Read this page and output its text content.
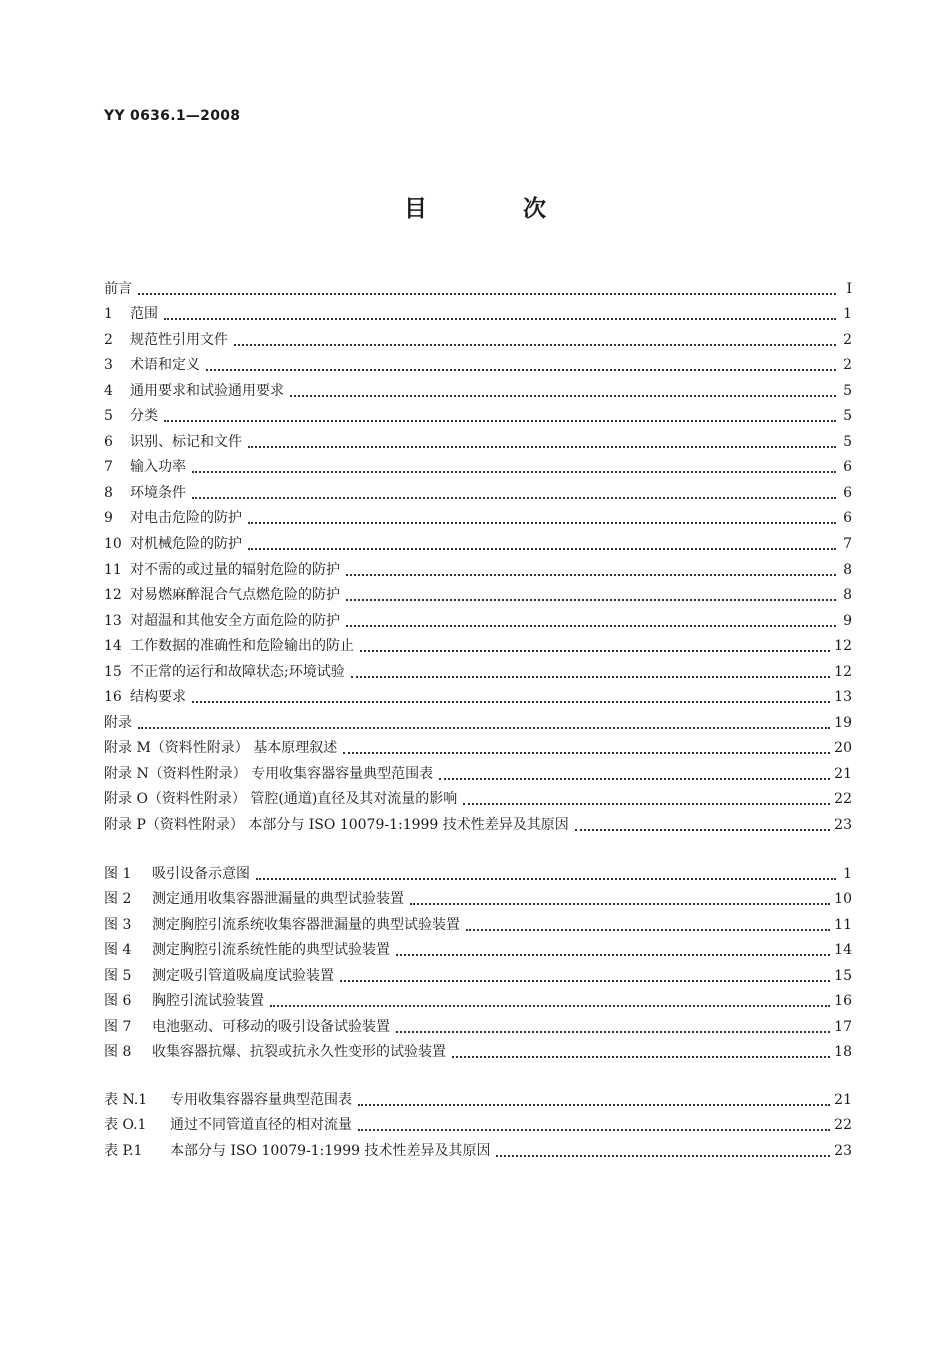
YY 0636.1—2008
目 次
前言	I
1	范围	1
2	规范性引用文件	2
3	术语和定义	2
4	通用要求和试验通用要求	5
5	分类	5
6	识别、标记和文件	5
7	输入功率	6
8	环境条件	6
9	对电击危险的防护	6
10 对机械危险的防护	7
11 对不需的或过量的辐射危险的防护	8
12 对易燃麻醉混合气点燃危险的防护	8
13 对超温和其他安全方面危险的防护	9
14 工作数据的准确性和危险输出的防止	12
15 不正常的运行和故障状态;环境试验	12
16 结构要求	13
附录	19
附录 M（资料性附录） 基本原理叙述	20
附录 N（资料性附录） 专用收集容器容量典型范围表	21
附录 O（资料性附录） 管腔(通道)直径及其对流量的影响	22
附录 P（资料性附录） 本部分与 ISO 10079-1:1999 技术性差异及其原因	23
图 1	吸引设备示意图	1
图 2	测定通用收集容器泄漏量的典型试验装置	10
图 3	测定胸腔引流系统收集容器泄漏量的典型试验装置	11
图 4	测定胸腔引流系统性能的典型试验装置	14
图 5	测定吸引管道吸扁度试验装置	15
图 6	胸腔引流试验装置	16
图 7	电池驱动、可移动的吸引设备试验装置	17
图 8	收集容器抗爆、抗裂或抗永久性变形的试验装置	18
表 N.1	专用收集容器容量典型范围表	21
表 O.1	通过不同管道直径的相对流量	22
表 P.1	本部分与 ISO 10079-1:1999 技术性差异及其原因	23
